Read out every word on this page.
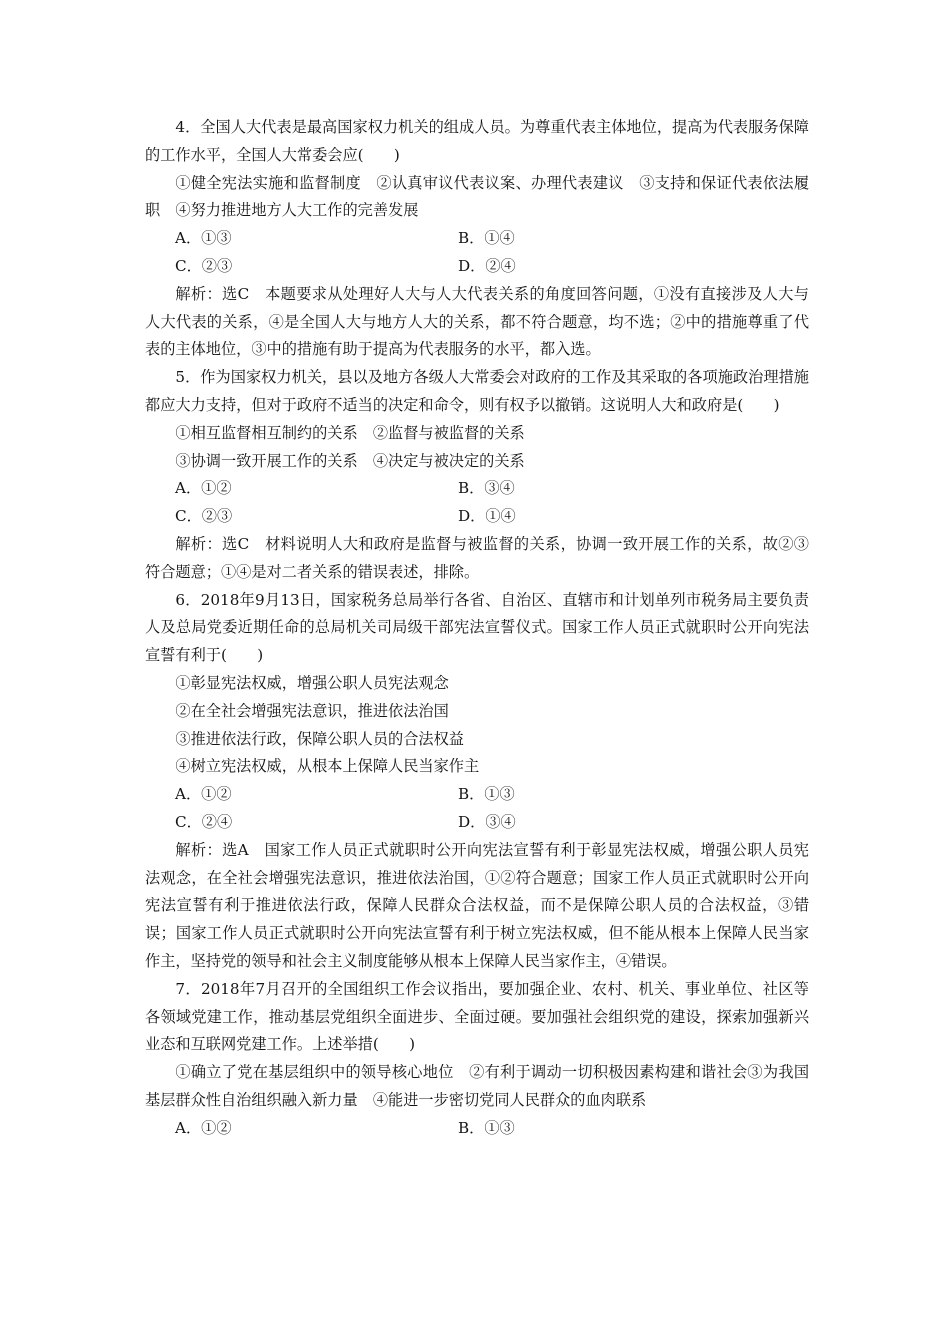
4．全国人大代表是最高国家权力机关的组成人员。为尊重代表主体地位，提高为代表服务保障的工作水平，全国人大常委会应(　　)

①健全宪法实施和监督制度　②认真审议代表议案、办理代表建议　③支持和保证代表依法履职　④努力推进地方人大工作的完善发展

A．①③	B．①④
C．②③	D．②④

解析：选C　本题要求从处理好人大与人大代表关系的角度回答问题，①没有直接涉及人大与人大代表的关系，④是全国人大与地方人大的关系，都不符合题意，均不选；②中的措施尊重了代表的主体地位，③中的措施有助于提高为代表服务的水平，都入选。

5．作为国家权力机关，县以及地方各级人大常委会对政府的工作及其采取的各项施政治理措施都应大力支持，但对于政府不适当的决定和命令，则有权予以撤销。这说明人大和政府是(　　)

①相互监督相互制约的关系　②监督与被监督的关系

③协调一致开展工作的关系　④决定与被决定的关系

A．①②	B．③④
C．②③	D．①④

解析：选C　材料说明人大和政府是监督与被监督的关系，协调一致开展工作的关系，故②③符合题意；①④是对二者关系的错误表述，排除。

6．2018年9月13日，国家税务总局举行各省、自治区、直辖市和计划单列市税务局主要负责人及总局党委近期任命的总局机关司局级干部宪法宣誓仪式。国家工作人员正式就职时公开向宪法宣誓有利于(　　)

①彰显宪法权威，增强公职人员宪法观念

②在全社会增强宪法意识，推进依法治国

③推进依法行政，保障公职人员的合法权益

④树立宪法权威，从根本上保障人民当家作主

A．①②	B．①③
C．②④	D．③④

解析：选A　国家工作人员正式就职时公开向宪法宣誓有利于彰显宪法权威，增强公职人员宪法观念，在全社会增强宪法意识，推进依法治国，①②符合题意；国家工作人员正式就职时公开向宪法宣誓有利于推进依法行政，保障人民群众合法权益，而不是保障公职人员的合法权益，③错误；国家工作人员正式就职时公开向宪法宣誓有利于树立宪法权威，但不能从根本上保障人民当家作主，坚持党的领导和社会主义制度能够从根本上保障人民当家作主，④错误。

7．2018年7月召开的全国组织工作会议指出，要加强企业、农村、机关、事业单位、社区等各领域党建工作，推动基层党组织全面进步、全面过硬。要加强社会组织党的建设，探索加强新兴业态和互联网党建工作。上述举措(　　)

①确立了党在基层组织中的领导核心地位　②有利于调动一切积极因素构建和谐社会③为我国基层群众性自治组织融入新力量　④能进一步密切党同人民群众的血肉联系

A．①②	B．①③
